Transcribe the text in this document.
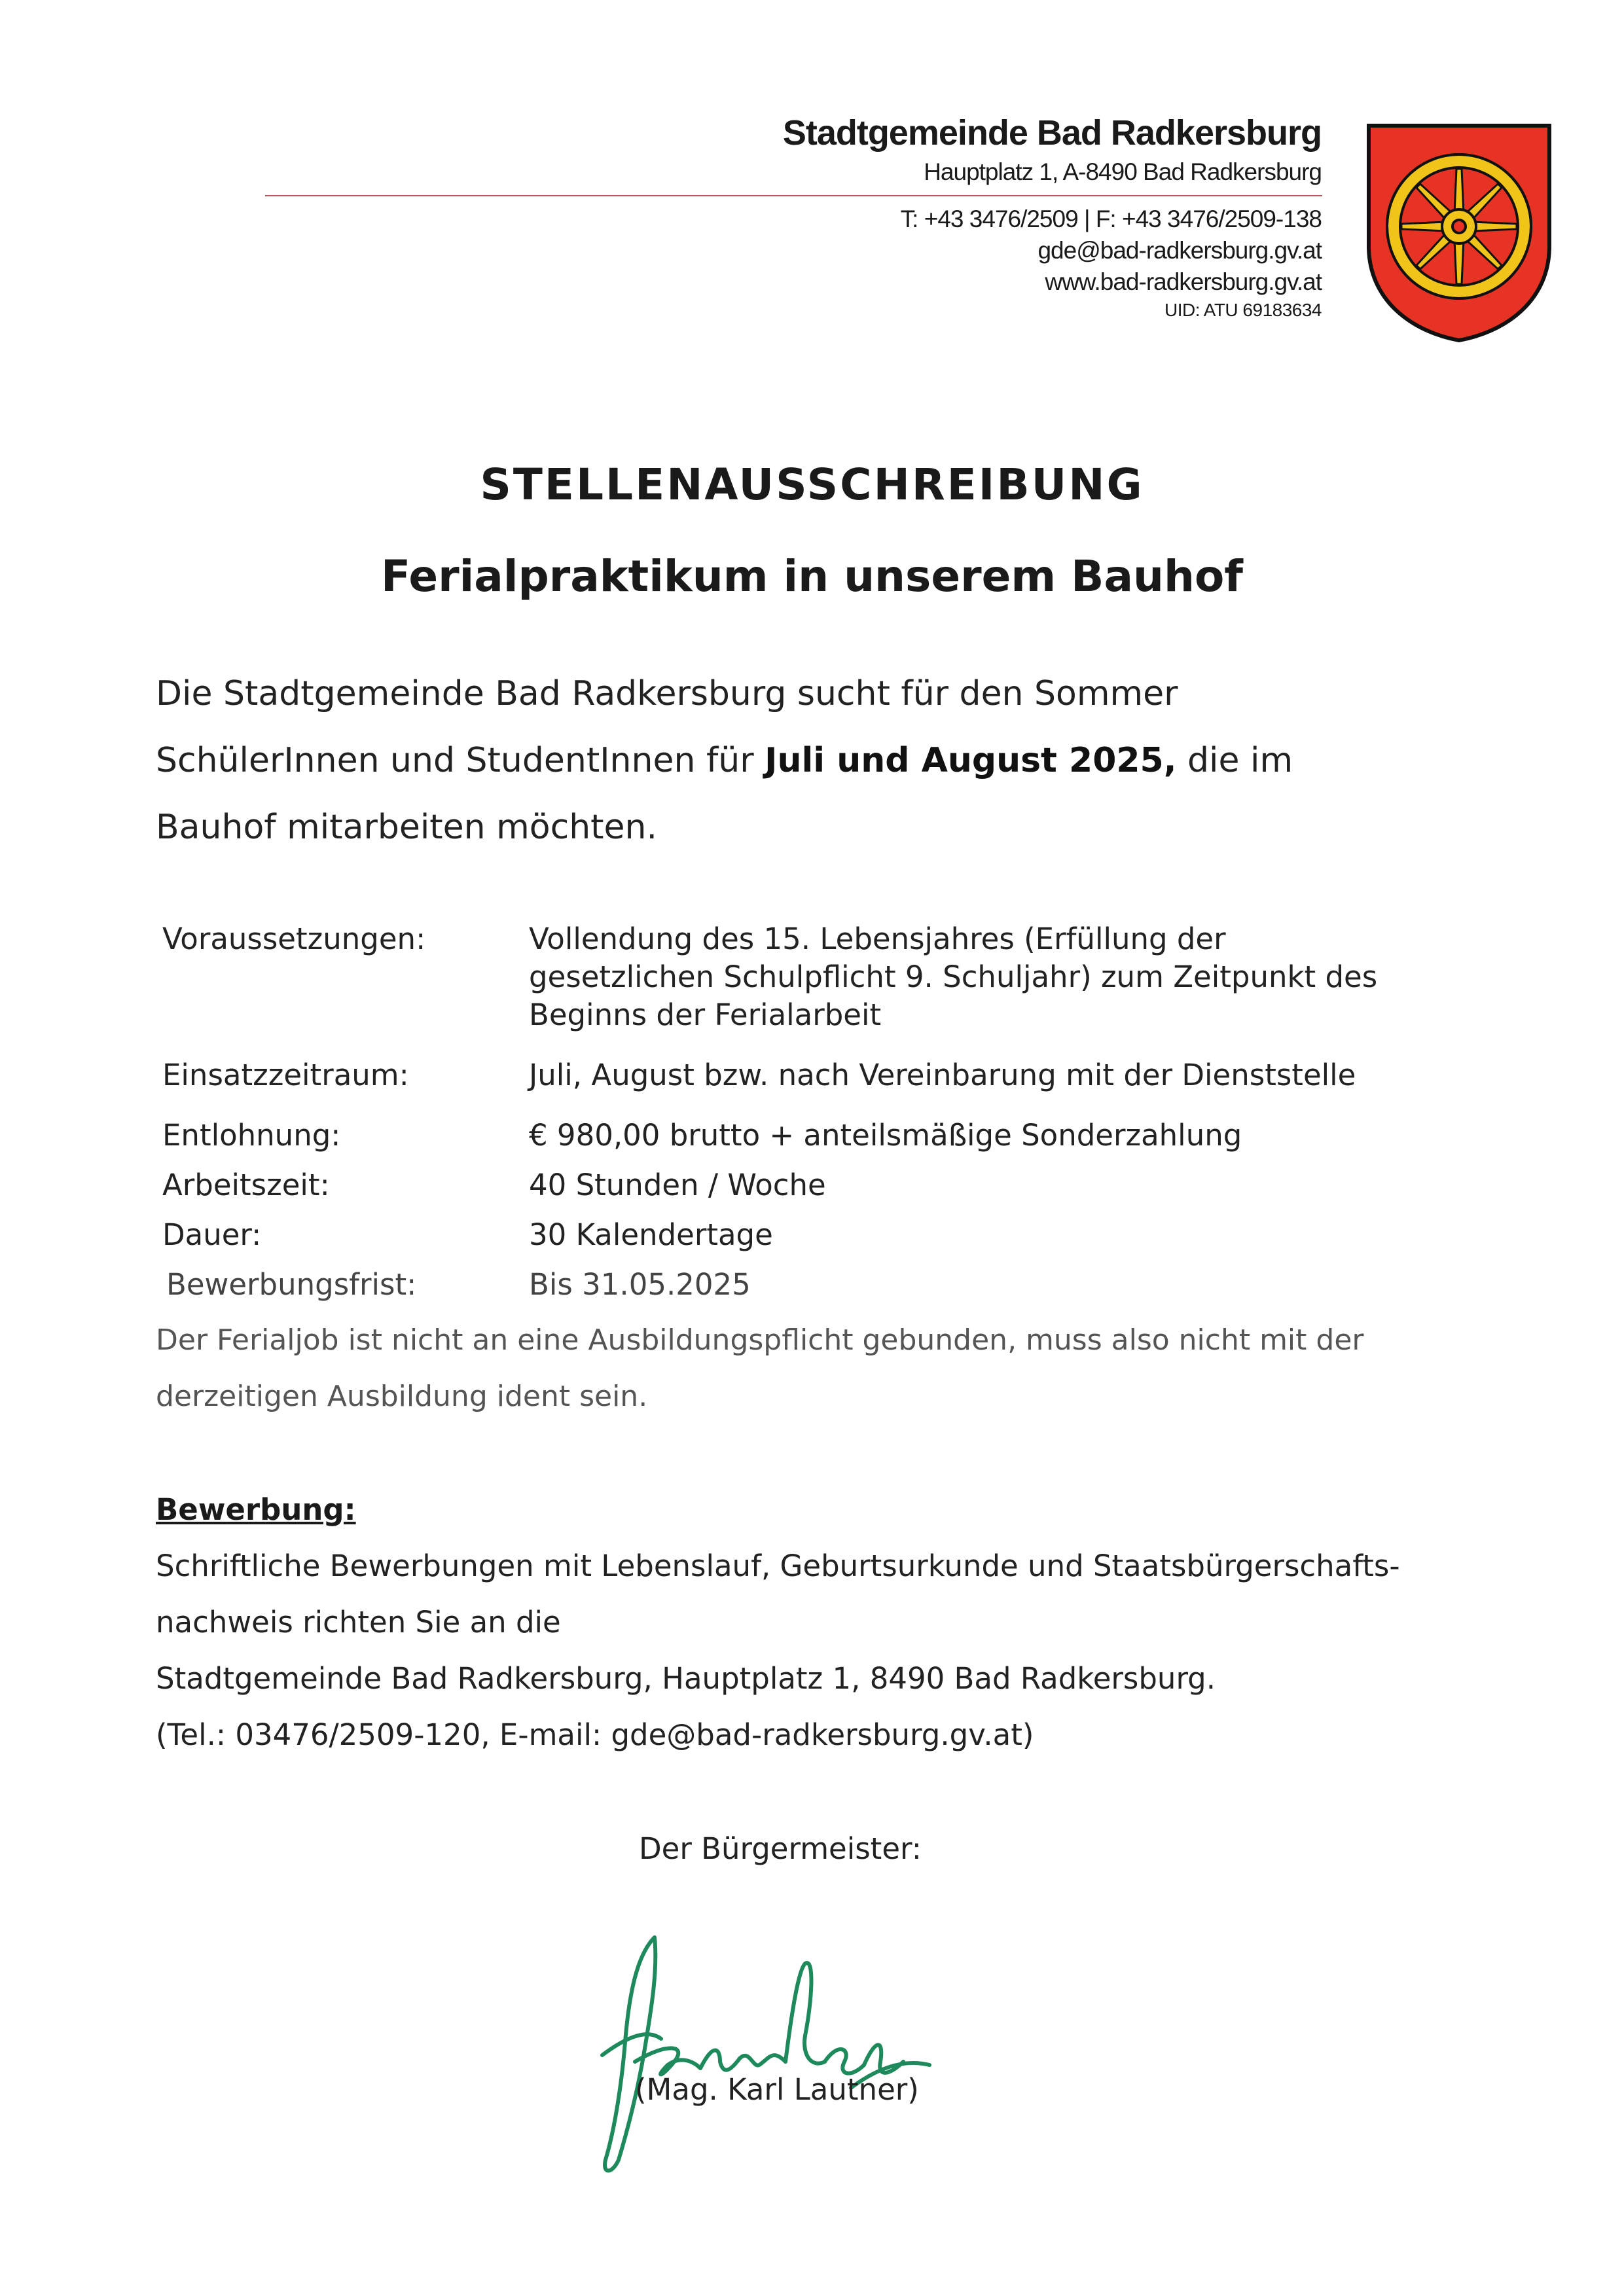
Stadtgemeinde Bad Radkersburg
Hauptplatz 1, A-8490 Bad Radkersburg
T: +43 3476/2509 | F: +43 3476/2509-138
gde@bad-radkersburg.gv.at
www.bad-radkersburg.gv.at
UID: ATU 69183634
STELLENAUSSCHREIBUNG
Ferialpraktikum in unserem Bauhof
Die Stadtgemeinde Bad Radkersburg sucht für den Sommer
SchülerInnen und StudentInnen für Juli und August 2025, die im
Bauhof mitarbeiten möchten.
Voraussetzungen:	Vollendung des 15. Lebensjahres (Erfüllung der
gesetzlichen Schulpflicht 9. Schuljahr) zum Zeitpunkt des
Beginns der Ferialarbeit
Einsatzzeitraum:	Juli, August bzw. nach Vereinbarung mit der Dienststelle
Entlohnung:	€ 980,00 brutto + anteilsmäßige Sonderzahlung
Arbeitszeit:	40 Stunden / Woche
Dauer:	30 Kalendertage
Bewerbungsfrist:	Bis 31.05.2025
Der Ferialjob ist nicht an eine Ausbildungspflicht gebunden, muss also nicht mit der
derzeitigen Ausbildung ident sein.
Bewerbung:
Schriftliche Bewerbungen mit Lebenslauf, Geburtsurkunde und Staatsbürgerschafts-
nachweis richten Sie an die
Stadtgemeinde Bad Radkersburg, Hauptplatz 1, 8490 Bad Radkersburg.
(Tel.: 03476/2509-120, E-mail: gde@bad-radkersburg.gv.at)
Der Bürgermeister:
(Mag. Karl Lautner)
